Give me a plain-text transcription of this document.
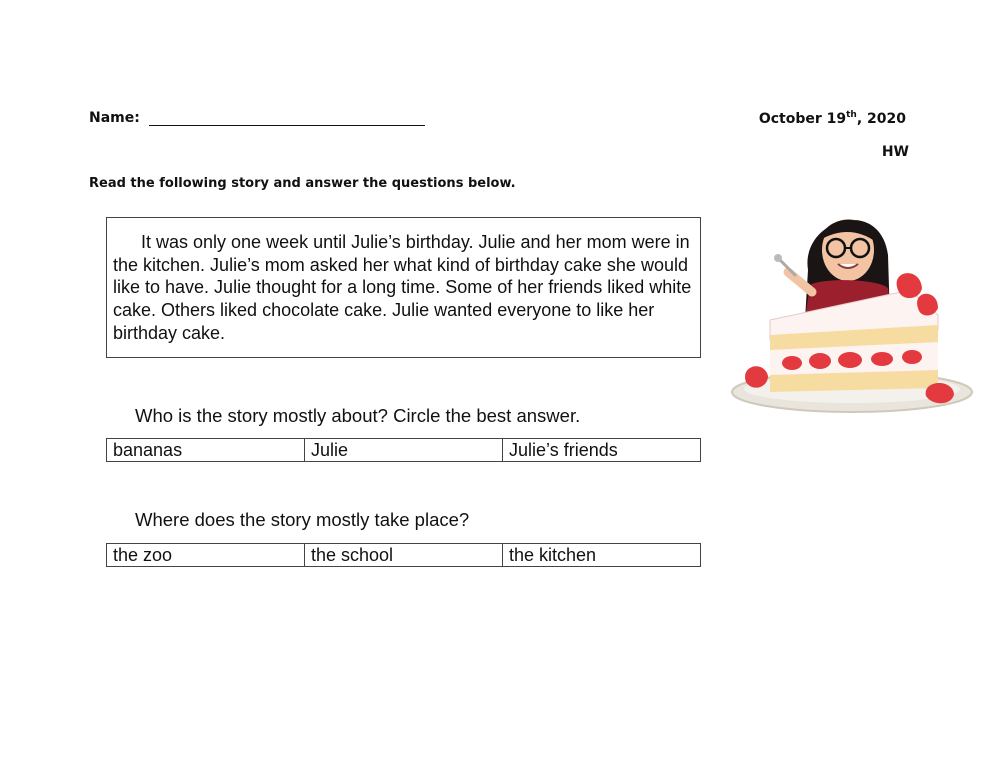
Name:	October 19th, 2020
HW
Read the following story and answer the questions below.
It was only one week until Julie’s birthday. Julie and her mom were in the kitchen. Julie’s mom asked her what kind of birthday cake she would like to have. Julie thought for a long time. Some of her friends liked white cake. Others liked chocolate cake. Julie wanted everyone to like her birthday cake.
Who is the story mostly about? Circle the best answer.
bananas	Julie	Julie’s friends
Where does the story mostly take place?
the zoo	the school	the kitchen
